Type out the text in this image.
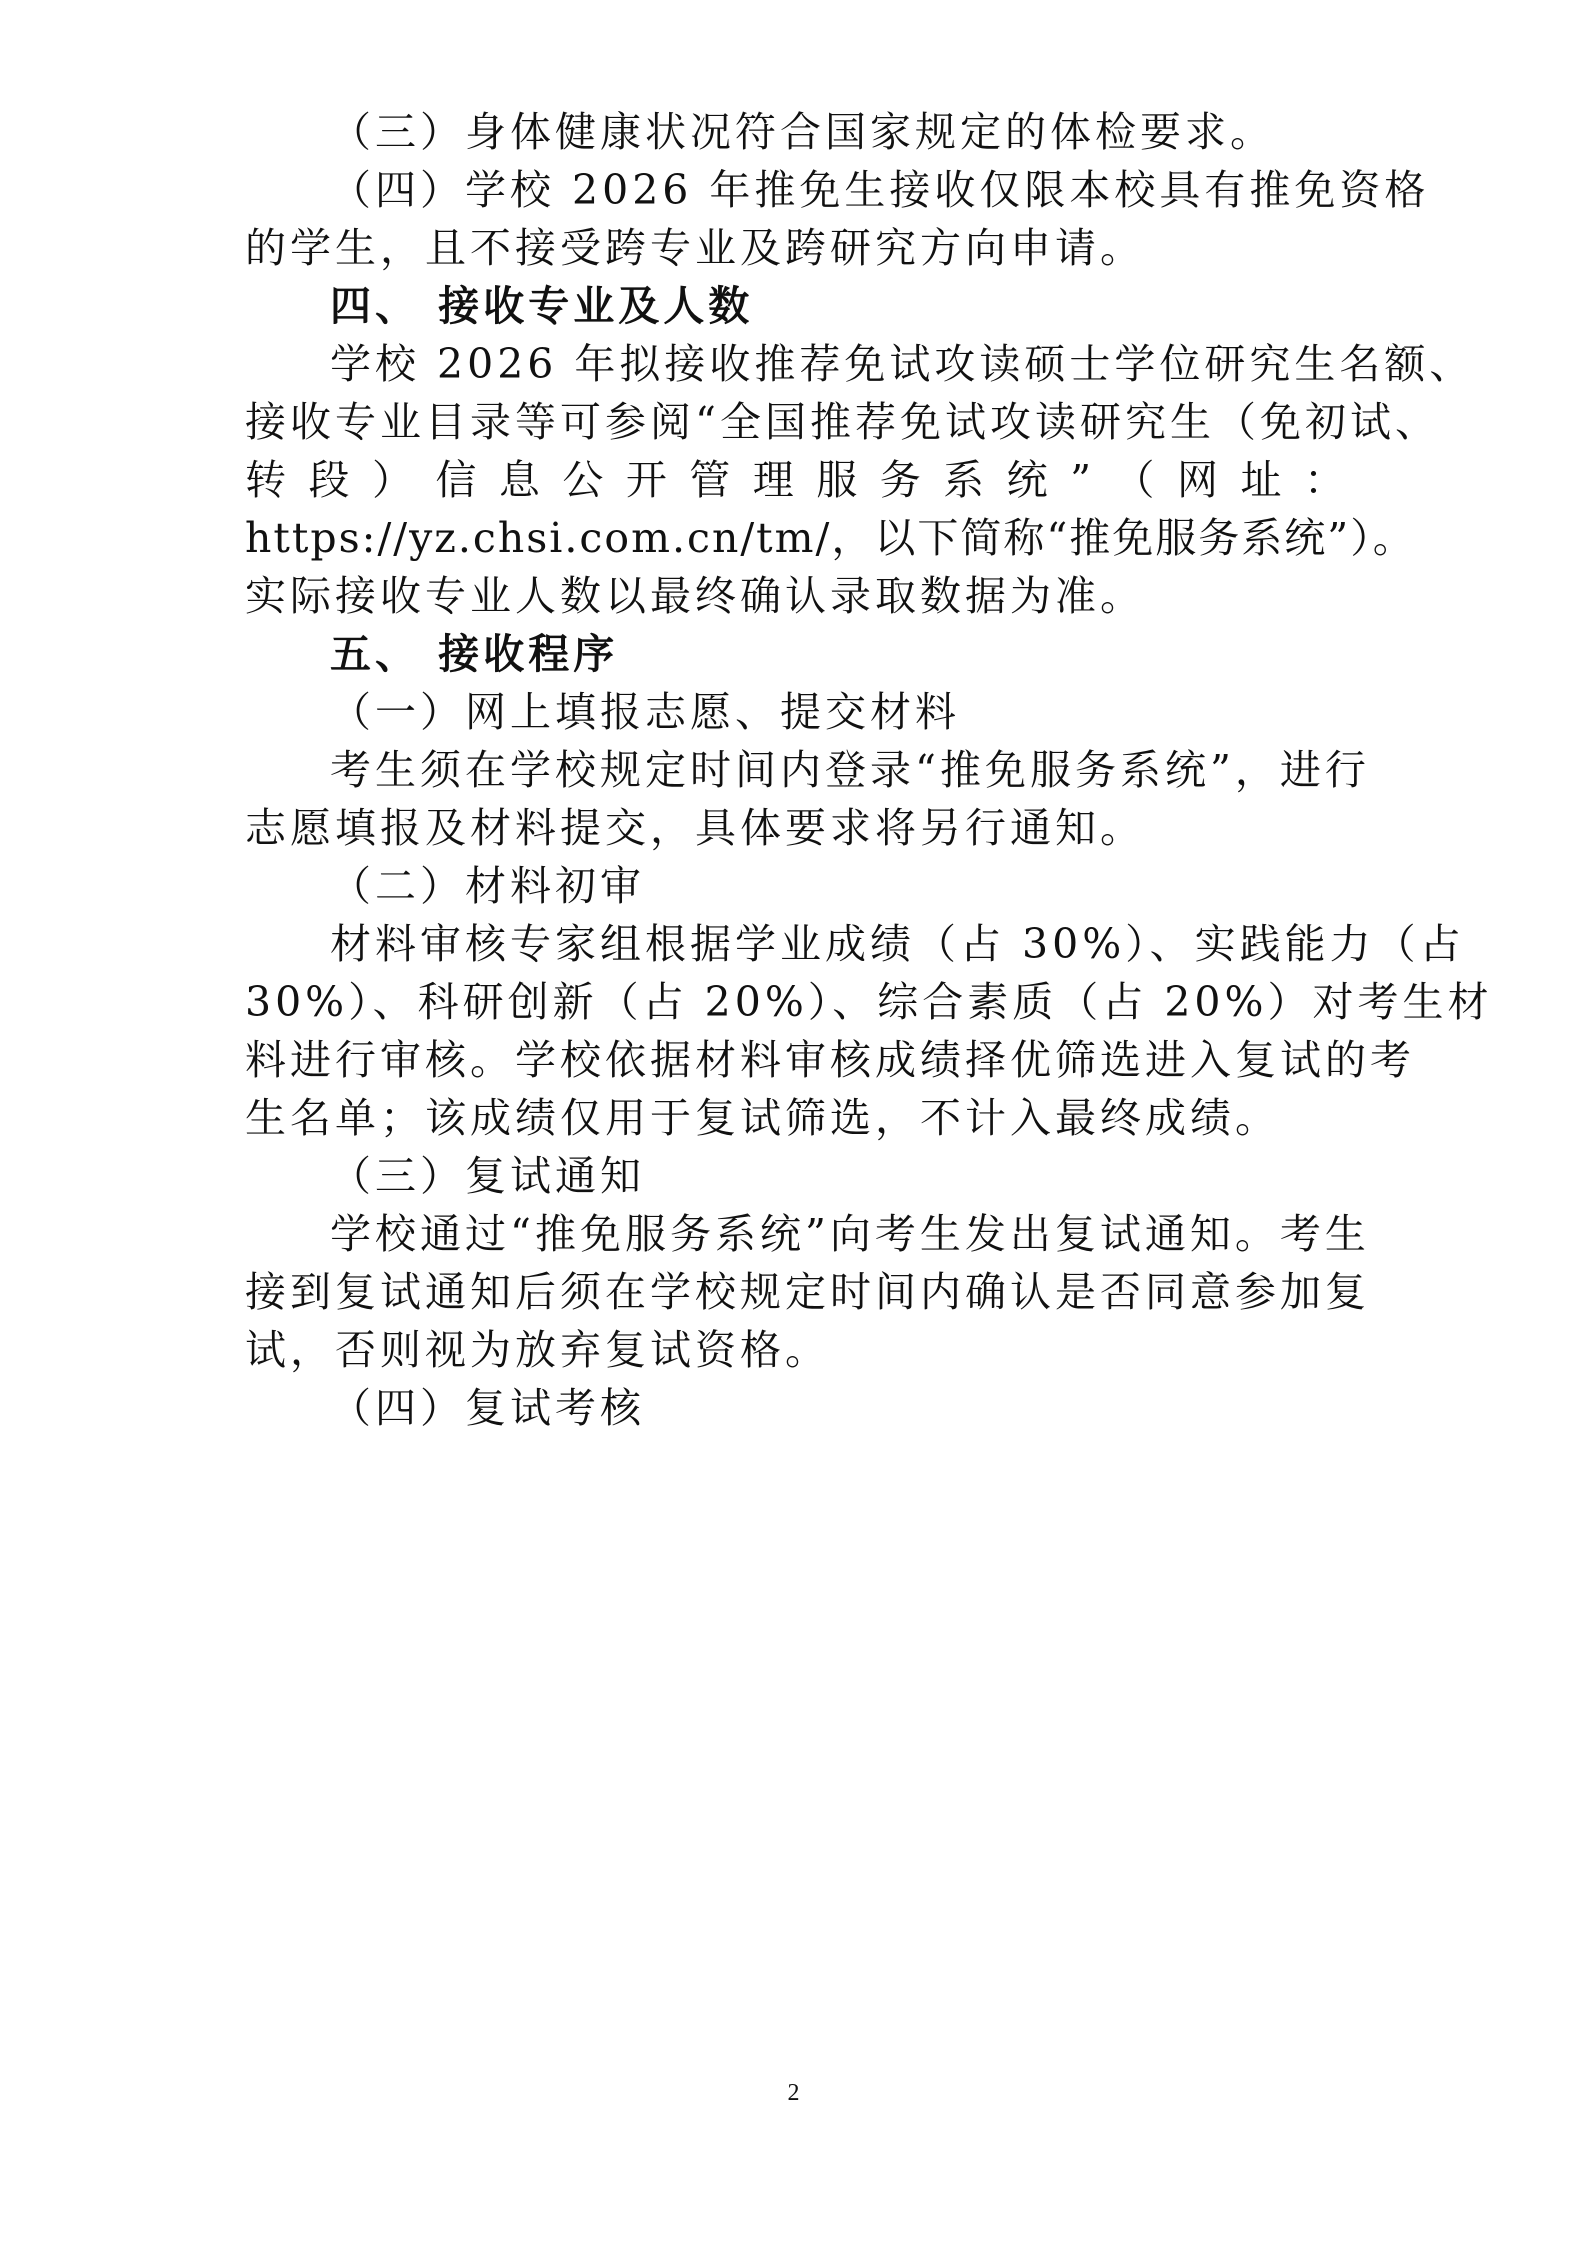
（三）身体健康状况符合国家规定的体检要求。
（四）学校 2026 年推免生接收仅限本校具有推免资格
的学生，且不接受跨专业及跨研究方向申请。
四、 接收专业及人数
学校 2026 年拟接收推荐免试攻读硕士学位研究生名额、
接收专业目录等可参阅“全国推荐免试攻读研究生（免初试、
转 段 ） 信 息 公 开 管 理 服 务 系 统 ” （ 网 址 ：
https://yz.chsi.com.cn/tm/，以下简称“推免服务系统”）。
实际接收专业人数以最终确认录取数据为准。
五、 接收程序
（一）网上填报志愿、提交材料
考生须在学校规定时间内登录“推免服务系统”，进行
志愿填报及材料提交，具体要求将另行通知。
（二）材料初审
材料审核专家组根据学业成绩（占 30%）、实践能力（占
30%）、科研创新（占 20%）、综合素质（占 20%）对考生材
料进行审核。学校依据材料审核成绩择优筛选进入复试的考
生名单；该成绩仅用于复试筛选，不计入最终成绩。
（三）复试通知
学校通过“推免服务系统”向考生发出复试通知。考生
接到复试通知后须在学校规定时间内确认是否同意参加复
试，否则视为放弃复试资格。
（四）复试考核
2
